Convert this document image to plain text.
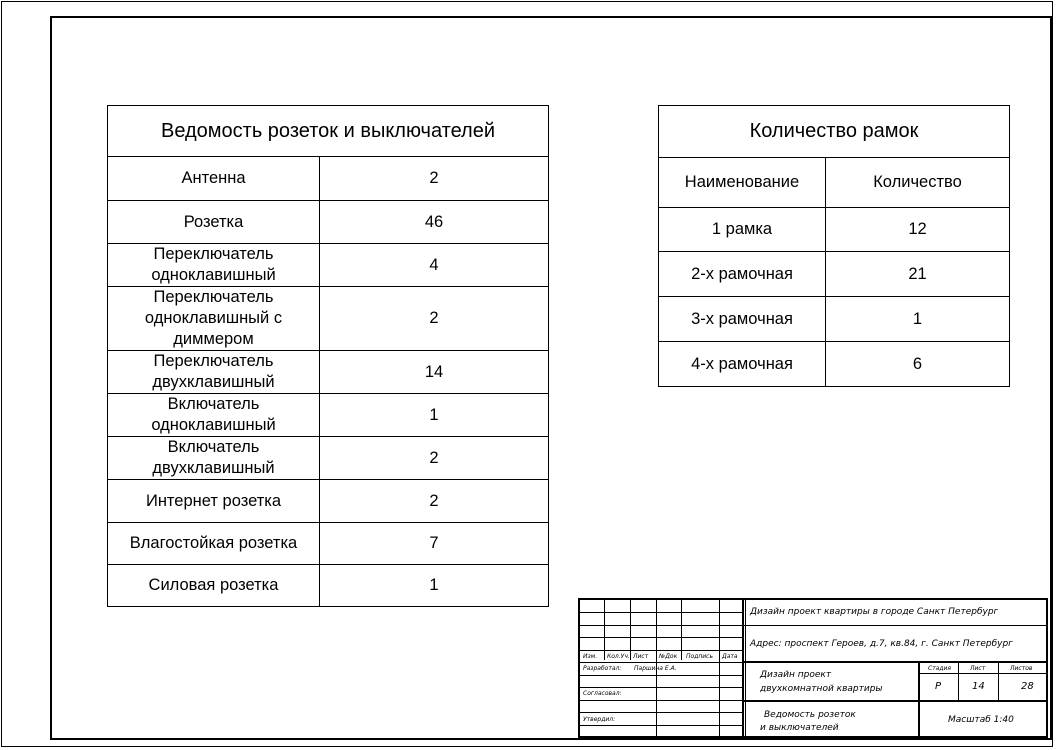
Ведомость розеток и выключателей	
Антенна	2
Розетка	46
Переключатель одноклавишный	4
Переключатель одноклавишный с диммером	2
Переключатель двухклавишный	14
Включатель одноклавишный	1
Включатель двухклавишный	2
Интернет розетка	2
Влагостойкая розетка	7
Силовая розетка	1
Количество рамок	
Наименование	Количество
1 рамка	12
2-х рамочная	21
3-х рамочная	1
4-х рамочная	6
Изм. Кол.Уч. Лист №Док Подпись Дата
Разработал: Паршина Е.А.
Согласовал:
Утвердил:
Дизайн проект квартиры в городе Санкт Петербург
Адрес: проспект Героев, д.7, кв.84, г. Санкт Петербург
Дизайн проект
двухкомнатной квартиры
Стадия	Лист	Листов
Р	14	28
Ведомость розеток
и выключателей
Масштаб 1:40
